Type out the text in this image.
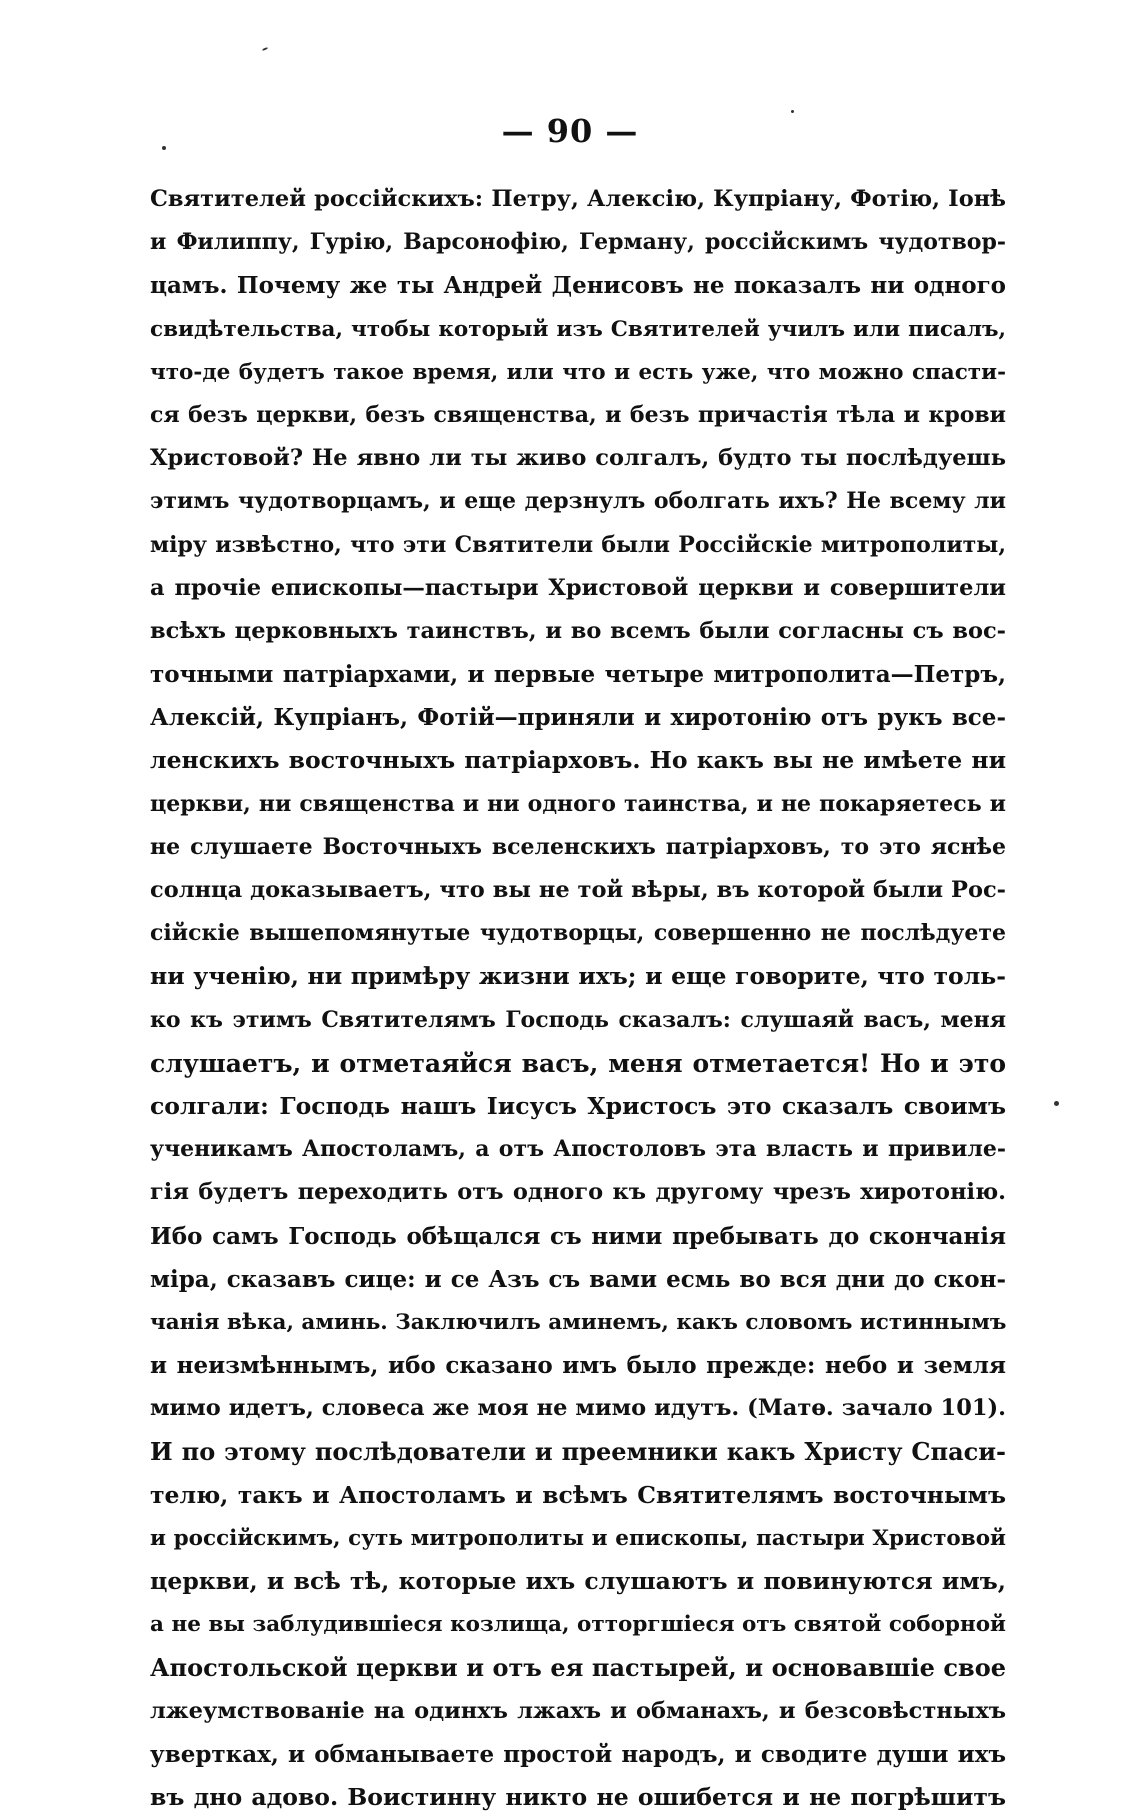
— 90 —
Святителей россійскихъ: Петру, Алексію, Купріану, Фотію, Іонѣ
и Филиппу, Гурію, Варсонофію, Герману, россійскимъ чудотвор-
цамъ. Почему же ты Андрей Денисовъ не показалъ ни одного
свидѣтельства, чтобы который изъ Святителей училъ или писалъ,
что-де будетъ такое время, или что и есть уже, что можно спасти-
ся безъ церкви, безъ священства, и безъ причастія тѣла и крови
Христовой? Не явно ли ты живо солгалъ, будто ты послѣдуешь
этимъ чудотворцамъ, и еще дерзнулъ оболгать ихъ? Не всему ли
міру извѣстно, что эти Святители были Россійскіе митрополиты,
а прочіе епископы—пастыри Христовой церкви и совершители
всѣхъ церковныхъ таинствъ, и во всемъ были согласны съ вос-
точными патріархами, и первые четыре митрополита—Петръ,
Алексій, Купріанъ, Фотій—приняли и хиротонію отъ рукъ все-
ленскихъ восточныхъ патріарховъ. Но какъ вы не имѣете ни
церкви, ни священства и ни одного таинства, и не покаряетесь и
не слушаете Восточныхъ вселенскихъ патріарховъ, то это яснѣе
солнца доказываетъ, что вы не той вѣры, въ которой были Рос-
сійскіе вышепомянутые чудотворцы, совершенно не послѣдуете
ни ученію, ни примѣру жизни ихъ; и еще говорите, что толь-
ко къ этимъ Святителямъ Господь сказалъ: слушаяй васъ, меня
слушаетъ, и отметаяйся васъ, меня отметается! Но и это
солгали: Господь нашъ Іисусъ Христосъ это сказалъ своимъ
ученикамъ Апостоламъ, а отъ Апостоловъ эта власть и привиле-
гія будетъ переходить отъ одного къ другому чрезъ хиротонію.
Ибо самъ Господь обѣщался съ ними пребывать до скончанія
міра, сказавъ сице: и се Азъ съ вами есмь во вся дни до скон-
чанія вѣка, аминь. Заключилъ аминемъ, какъ словомъ истиннымъ
и неизмѣннымъ, ибо сказано имъ было прежде: небо и земля
мимо идетъ, словеса же моя не мимо идутъ. (Матѳ. зачало 101).
И по этому послѣдователи и преемники какъ Христу Спаси-
телю, такъ и Апостоламъ и всѣмъ Святителямъ восточнымъ
и россійскимъ, суть митрополиты и епископы, пастыри Христовой
церкви, и всѣ тѣ, которые ихъ слушаютъ и повинуются имъ,
а не вы заблудившіеся козлища, отторгшіеся отъ святой соборной
Апостольской церкви и отъ ея пастырей, и основавшіе свое
лжеумствованіе на одинхъ лжахъ и обманахъ, и безсовѣстныхъ
увертках, и обманываете простой народъ, и сводите души ихъ
въ дно адово. Воистинну никто не ошибется и не погрѣшитъ
